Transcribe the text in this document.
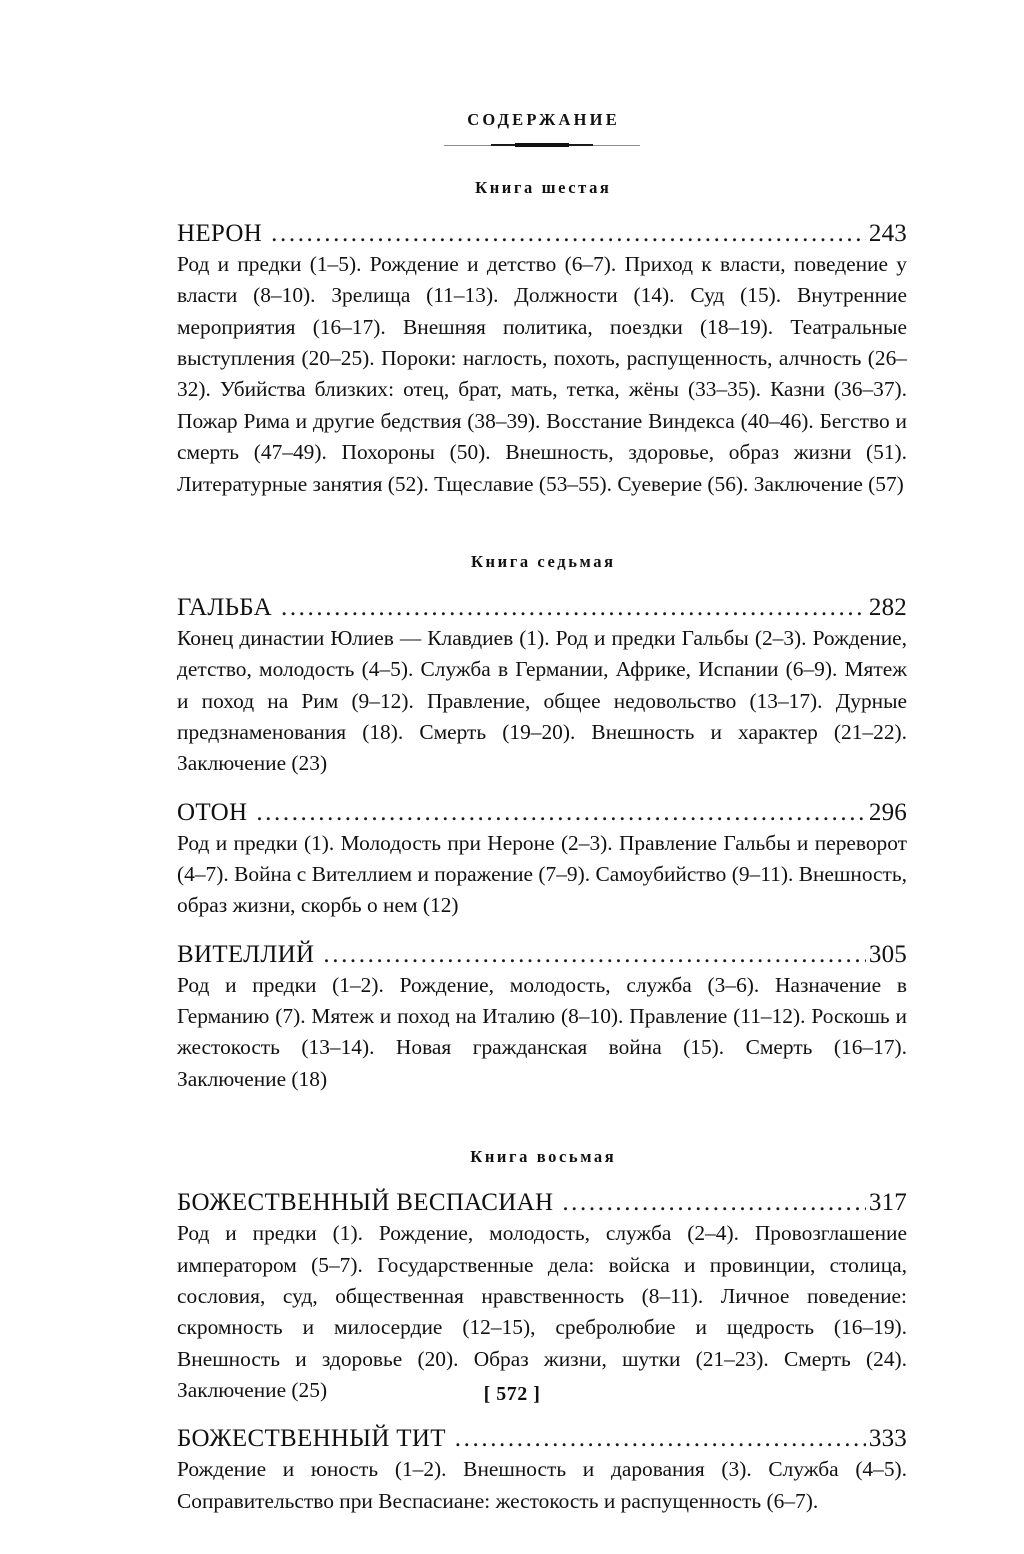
СОДЕРЖАНИЕ
Книга шестая
НЕРОН .....	243
Род и предки (1–5). Рождение и детство (6–7). Приход к власти, поведение у власти (8–10). Зрелища (11–13). Должности (14). Суд (15). Внутренние мероприятия (16–17). Внешняя политика, поездки (18–19). Театральные выступления (20–25). Пороки: наглость, похоть, распущенность, алчность (26–32). Убийства близких: отец, брат, мать, тетка, жёны (33–35). Казни (36–37). Пожар Рима и другие бедствия (38–39). Восстание Виндекса (40–46). Бегство и смерть (47–49). Похороны (50). Внешность, здоровье, образ жизни (51). Литературные занятия (52). Тщеславие (53–55). Суеверие (56). Заключение (57)
Книга седьмая
ГАЛЬБА .....	282
Конец династии Юлиев — Клавдиев (1). Род и предки Гальбы (2–3). Рождение, детство, молодость (4–5). Служба в Германии, Африке, Испании (6–9). Мятеж и поход на Рим (9–12). Правление, общее недовольство (13–17). Дурные предзнаменования (18). Смерть (19–20). Внешность и характер (21–22). Заключение (23)
ОТОН .....	296
Род и предки (1). Молодость при Нероне (2–3). Правление Гальбы и переворот (4–7). Война с Вителлием и поражение (7–9). Самоубийство (9–11). Внешность, образ жизни, скорбь о нем (12)
ВИТЕЛЛИЙ .....	305
Род и предки (1–2). Рождение, молодость, служба (3–6). Назначение в Германию (7). Мятеж и поход на Италию (8–10). Правление (11–12). Роскошь и жестокость (13–14). Новая гражданская война (15). Смерть (16–17). Заключение (18)
Книга восьмая
БОЖЕСТВЕННЫЙ ВЕСПАСИАН .....	317
Род и предки (1). Рождение, молодость, служба (2–4). Провозглашение императором (5–7). Государственные дела: войска и провинции, столица, сословия, суд, общественная нравственность (8–11). Личное поведение: скромность и милосердие (12–15), сребролюбие и щедрость (16–19). Внешность и здоровье (20). Образ жизни, шутки (21–23). Смерть (24). Заключение (25)
БОЖЕСТВЕННЫЙ ТИТ .....	333
Рождение и юность (1–2). Внешность и дарования (3). Служба (4–5). Соправительство при Веспасиане: жестокость и распущенность (6–7).
[ 572 ]
